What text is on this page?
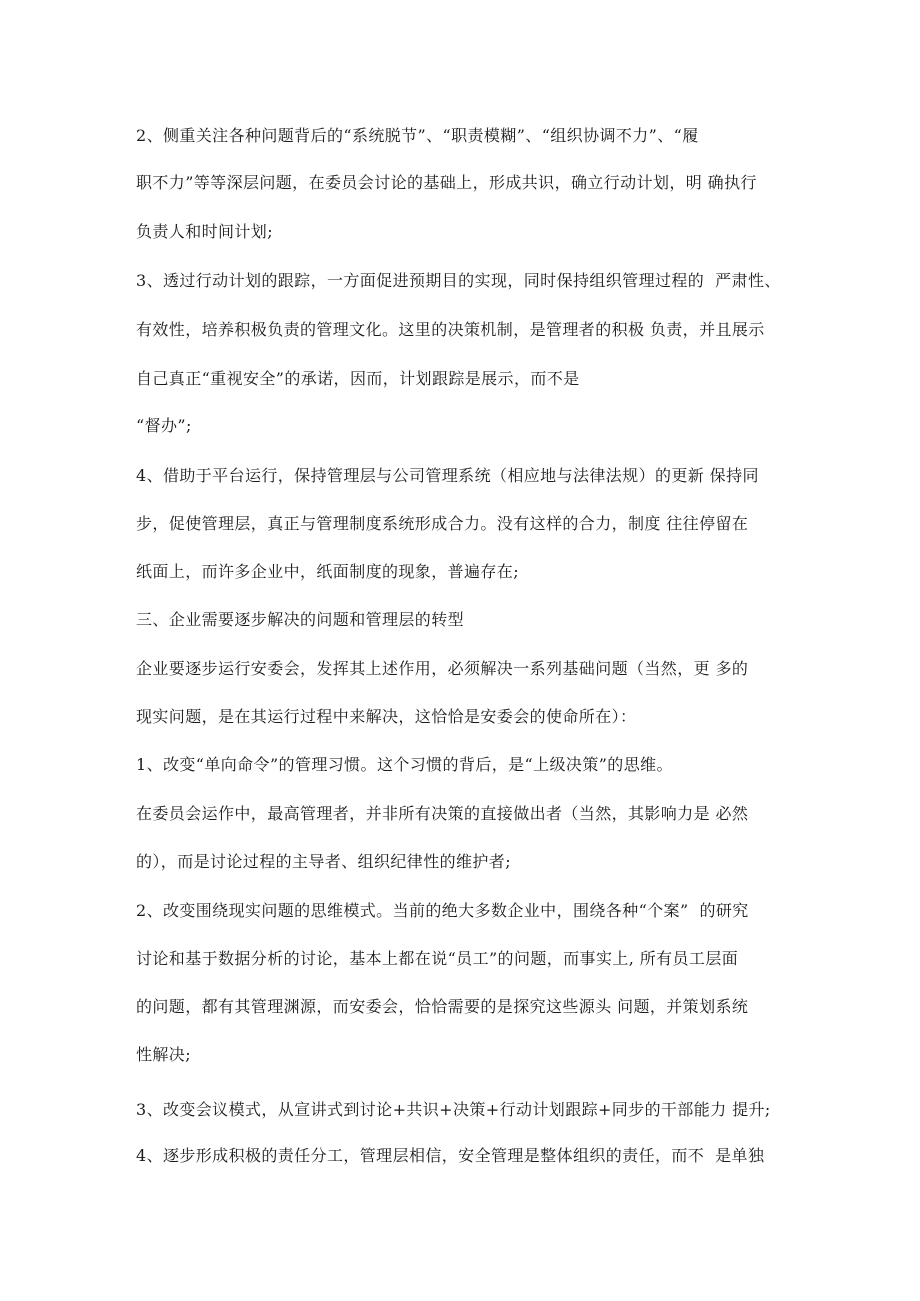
2、侧重关注各种问题背后的“系统脱节”、“职责模糊”、“组织协调不力”、“履

职不力”等等深层问题，在委员会讨论的基础上，形成共识，确立行动计划，明 确执行

负责人和时间计划;

3、透过行动计划的跟踪，一方面促进预期目的实现，同时保持组织管理过程的  严肃性、

有效性，培养积极负责的管理文化。这里的决策机制，是管理者的积极 负责，并且展示

自己真正“重视安全”的承诺，因而，计划跟踪是展示，而不是

“督办”;

4、借助于平台运行，保持管理层与公司管理系统（相应地与法律法规）的更新 保持同

步，促使管理层，真正与管理制度系统形成合力。没有这样的合力，制度 往往停留在

纸面上，而许多企业中，纸面制度的现象，普遍存在;

三、企业需要逐步解决的问题和管理层的转型

企业要逐步运行安委会，发挥其上述作用，必须解决一系列基础问题（当然，更 多的

现实问题，是在其运行过程中来解决，这恰恰是安委会的使命所在）：

1、改变“单向命令”的管理习惯。这个习惯的背后，是“上级决策”的思维。

在委员会运作中，最高管理者，并非所有决策的直接做出者（当然，其影响力是 必然

的），而是讨论过程的主导者、组织纪律性的维护者;

2、改变围绕现实问题的思维模式。当前的绝大多数企业中，围绕各种“个案”  的研究

讨论和基于数据分析的讨论，基本上都在说“员工”的问题，而事实上, 所有员工层面

的问题，都有其管理渊源，而安委会，恰恰需要的是探究这些源头 问题，并策划系统

性解决;

3、改变会议模式，从宣讲式到讨论+共识+决策+行动计划跟踪+同步的干部能力 提升;

4、逐步形成积极的责任分工，管理层相信，安全管理是整体组织的责任，而不  是单独
